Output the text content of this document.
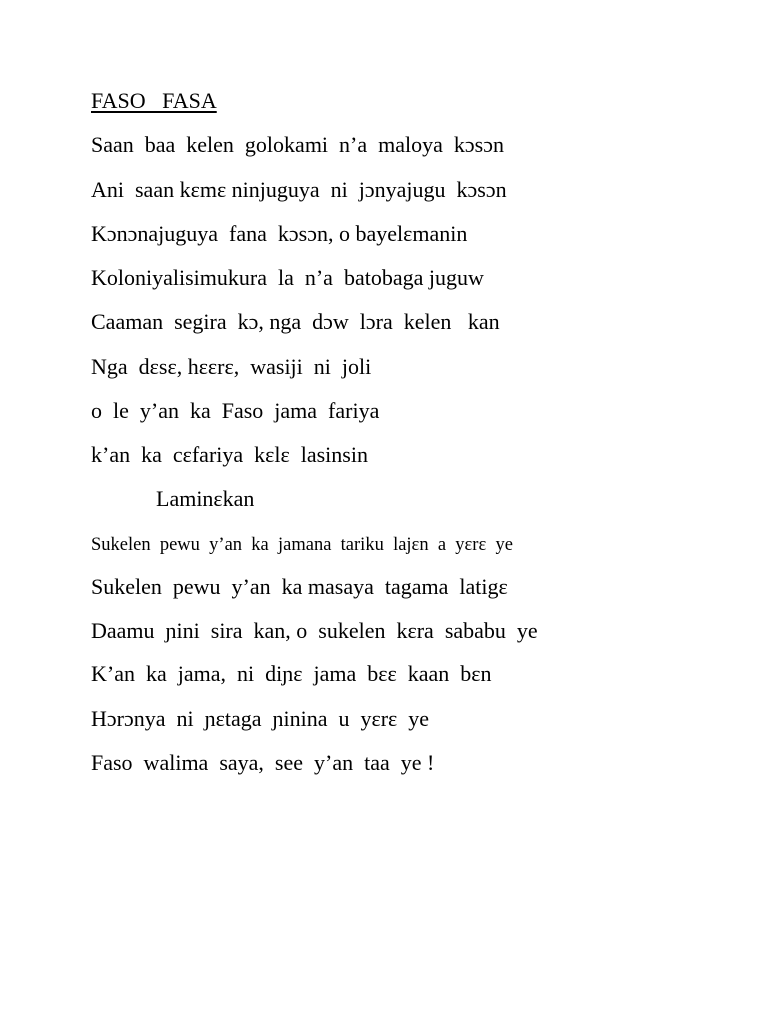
FASO   FASA
Saan  baa  kelen  golokami  n’a  maloya  kɔsɔn
Ani  saan kɛmɛ ninjuguya  ni  jɔnyajugu  kɔsɔn
Kɔnɔnajuguya  fana  kɔsɔn, o bayelɛmanin
Koloniyalisimukura  la  n’a  batobaga juguw
Caaman  segira  kɔ, nga  dɔw  lɔra  kelen   kan
Nga  dɛsɛ, hɛɛrɛ,  wasiji  ni  joli
o  le  y’an  ka  Faso  jama  fariya
k’an  ka  cɛfariya  kɛlɛ  lasinsin
Laminɛkan
Sukelen  pewu  y’an  ka  jamana  tariku  lajɛn  a  yɛrɛ  ye
Sukelen  pewu  y’an  ka masaya  tagama  latigɛ
Daamu  ɲini  sira  kan, o  sukelen  kɛra  sababu  ye
K’an  ka  jama,  ni  diɲɛ  jama  bɛɛ  kaan  bɛn
Hɔrɔnya  ni  ɲɛtaga  ɲinina  u  yɛrɛ  ye
Faso  walima  saya,  see  y’an  taa  ye !
